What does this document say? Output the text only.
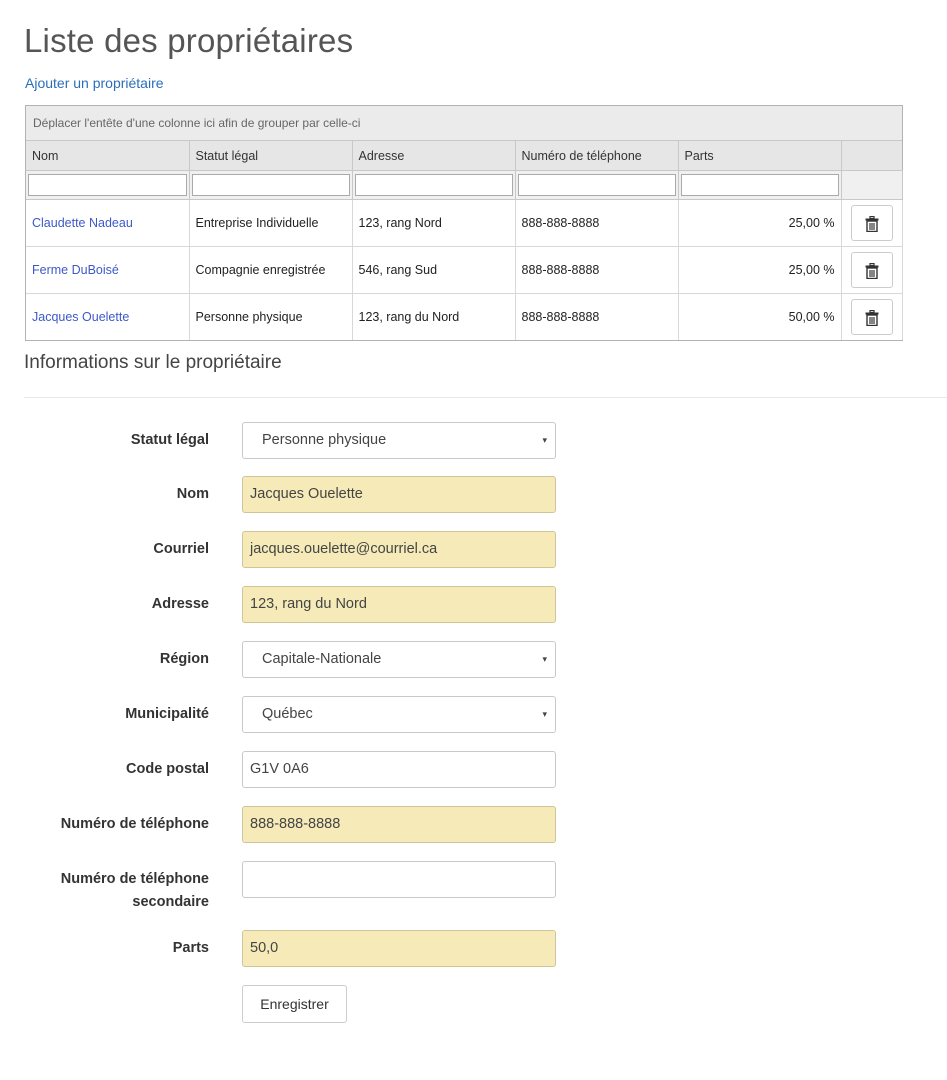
Liste des propriétaires
Ajouter un propriétaire
Déplacer l'entête d'une colonne ici afin de grouper par celle-ci
Nom	Statut légal	Adresse	Numéro de téléphone	Parts	

Claudette Nadeau	Entreprise Individuelle	123, rang Nord	888-888-8888	25,00 %	
Ferme DuBoisé	Compagnie enregistrée	546, rang Sud	888-888-8888	25,00 %	
Jacques Ouelette	Personne physique	123, rang du Nord	888-888-8888	50,00 %	
Informations sur le propriétaire
Statut légal	Personne physique	▾
Nom	Jacques Ouelette
Courriel	jacques.ouelette@courriel.ca
Adresse	123, rang du Nord
Région	Capitale-Nationale	▾
Municipalité	Québec	▾
Code postal	G1V 0A6
Numéro de téléphone	888-888-8888
Numéro de téléphone
secondaire
Parts	50,0
Enregistrer
